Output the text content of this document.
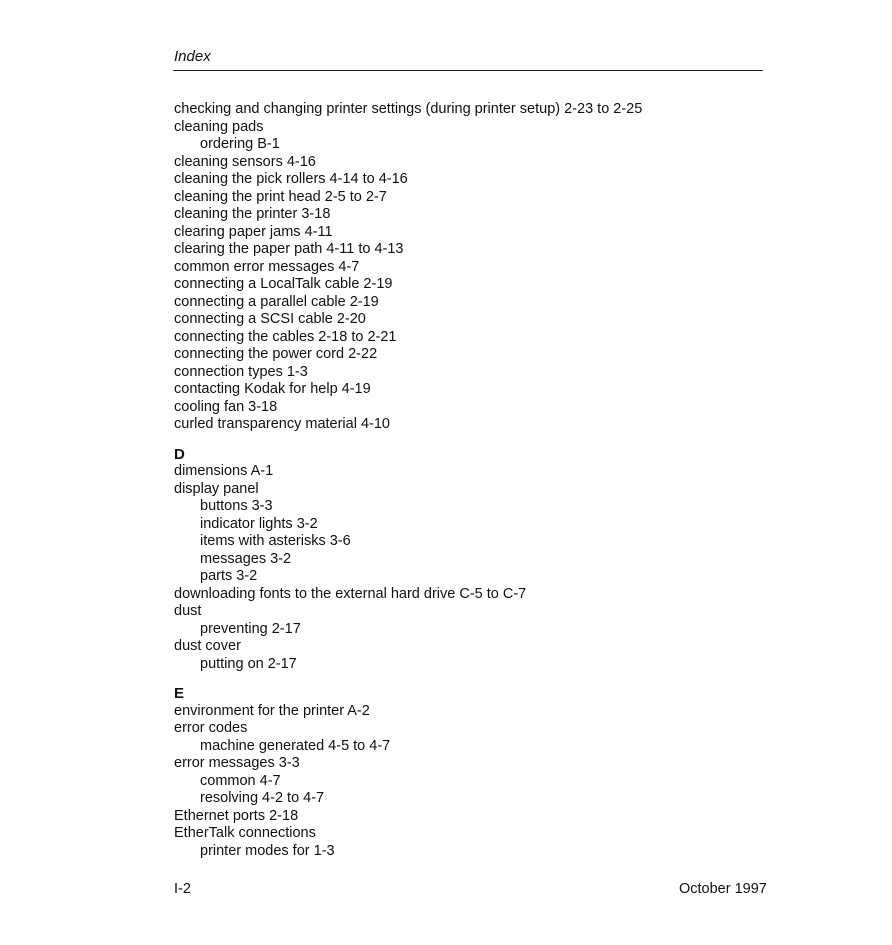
Index
checking and changing printer settings (during printer setup) 2-23 to 2-25
cleaning pads
ordering B-1
cleaning sensors 4-16
cleaning the pick rollers 4-14 to 4-16
cleaning the print head 2-5 to 2-7
cleaning the printer 3-18
clearing paper jams 4-11
clearing the paper path 4-11 to 4-13
common error messages 4-7
connecting a LocalTalk cable 2-19
connecting a parallel cable 2-19
connecting a SCSI cable 2-20
connecting the cables 2-18 to 2-21
connecting the power cord 2-22
connection types 1-3
contacting Kodak for help 4-19
cooling fan 3-18
curled transparency material 4-10
D
dimensions A-1
display panel
buttons 3-3
indicator lights 3-2
items with asterisks 3-6
messages 3-2
parts 3-2
downloading fonts to the external hard drive C-5 to C-7
dust
preventing 2-17
dust cover
putting on 2-17
E
environment for the printer A-2
error codes
machine generated 4-5 to 4-7
error messages 3-3
common 4-7
resolving 4-2 to 4-7
Ethernet ports 2-18
EtherTalk connections
printer modes for 1-3
I-2	October 1997
